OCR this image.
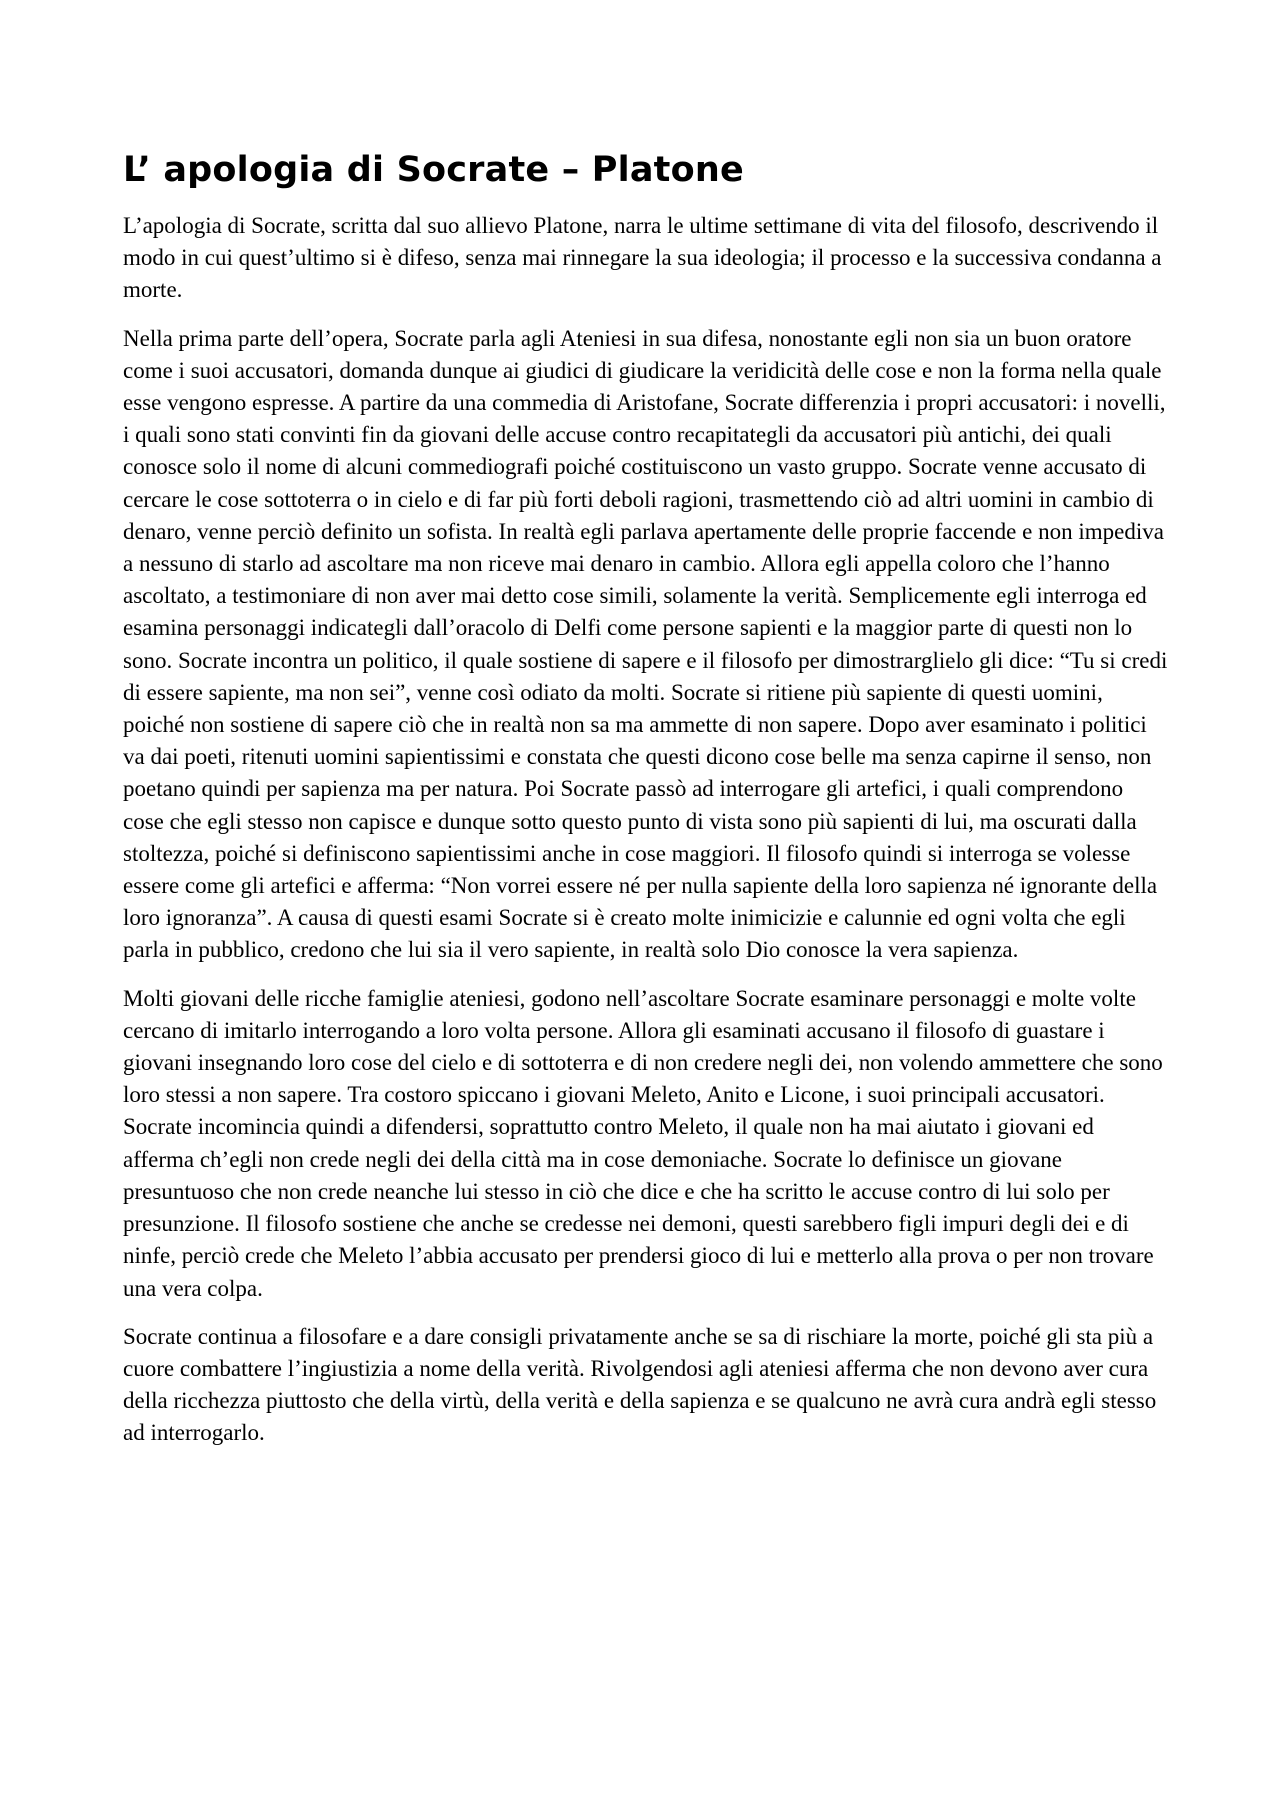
L’ apologia di Socrate – Platone

L’apologia di Socrate, scritta dal suo allievo Platone, narra le ultime settimane di vita del filosofo, descrivendo il modo in cui quest’ultimo si è difeso, senza mai rinnegare la sua ideologia; il processo e la successiva condanna a morte.

Nella prima parte dell’opera, Socrate parla agli Ateniesi in sua difesa, nonostante egli non sia un buon oratore come i suoi accusatori, domanda dunque ai giudici di giudicare la veridicità delle cose e non la forma nella quale esse vengono espresse. A partire da una commedia di Aristofane, Socrate differenzia i propri accusatori: i novelli, i quali sono stati convinti fin da giovani delle accuse contro recapitategli da accusatori più antichi, dei quali conosce solo il nome di alcuni commediografi poiché costituiscono un vasto gruppo. Socrate venne accusato di cercare le cose sottoterra o in cielo e di far più forti deboli ragioni, trasmettendo ciò ad altri uomini in cambio di denaro, venne perciò definito un sofista. In realtà egli parlava apertamente delle proprie faccende e non impediva a nessuno di starlo ad ascoltare ma non riceve mai denaro in cambio. Allora egli appella coloro che l’hanno ascoltato, a testimoniare di non aver mai detto cose simili, solamente la verità. Semplicemente egli interroga ed esamina personaggi indicategli dall’oracolo di Delfi come persone sapienti e la maggior parte di questi non lo sono. Socrate incontra un politico, il quale sostiene di sapere e il filosofo per dimostrarglielo gli dice: “Tu si credi di essere sapiente, ma non sei”, venne così odiato da molti. Socrate si ritiene più sapiente di questi uomini, poiché non sostiene di sapere ciò che in realtà non sa ma ammette di non sapere. Dopo aver esaminato i politici va dai poeti, ritenuti uomini sapientissimi e constata che questi dicono cose belle ma senza capirne il senso, non poetano quindi per sapienza ma per natura. Poi Socrate passò ad interrogare gli artefici, i quali comprendono cose che egli stesso non capisce e dunque sotto questo punto di vista sono più sapienti di lui, ma oscurati dalla stoltezza, poiché si definiscono sapientissimi anche in cose maggiori. Il filosofo quindi si interroga se volesse essere come gli artefici e afferma: “Non vorrei essere né per nulla sapiente della loro sapienza né ignorante della loro ignoranza”. A causa di questi esami Socrate si è creato molte inimicizie e calunnie ed ogni volta che egli parla in pubblico, credono che lui sia il vero sapiente, in realtà solo Dio conosce la vera sapienza.

Molti giovani delle ricche famiglie ateniesi, godono nell’ascoltare Socrate esaminare personaggi e molte volte cercano di imitarlo interrogando a loro volta persone. Allora gli esaminati accusano il filosofo di guastare i giovani insegnando loro cose del cielo e di sottoterra e di non credere negli dei, non volendo ammettere che sono loro stessi a non sapere. Tra costoro spiccano i giovani Meleto, Anito e Licone, i suoi principali accusatori. Socrate incomincia quindi a difendersi, soprattutto contro Meleto, il quale non ha mai aiutato i giovani ed afferma ch’egli non crede negli dei della città ma in cose demoniache. Socrate lo definisce un giovane presuntuoso che non crede neanche lui stesso in ciò che dice e che ha scritto le accuse contro di lui solo per presunzione. Il filosofo sostiene che anche se credesse nei demoni, questi sarebbero figli impuri degli dei e di ninfe, perciò crede che Meleto l’abbia accusato per prendersi gioco di lui e metterlo alla prova o per non trovare una vera colpa.

Socrate continua a filosofare e a dare consigli privatamente anche se sa di rischiare la morte, poiché gli sta più a cuore combattere l’ingiustizia a nome della verità. Rivolgendosi agli ateniesi afferma che non devono aver cura della ricchezza piuttosto che della virtù, della verità e della sapienza e se qualcuno ne avrà cura andrà egli stesso ad interrogarlo.
